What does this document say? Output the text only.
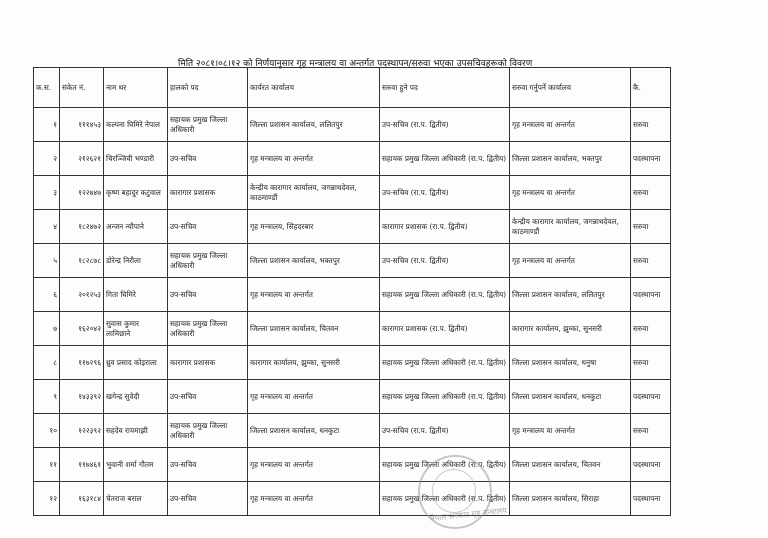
मिति २०८१।०८।१२ को निर्णयानुसार गृह मन्त्रालय वा अन्तर्गत पदस्थापन/सरुवा भएका उपसचिवहरूको विवरण
क.स.	संकेत नं.	नाम थर	हालको पद	कार्यरत कार्यालय	सरुवा हुने पद	सरुवा गर्नुपर्ने कार्यालय	कै.
१	१११४५३	कल्पना घिमिरे नेपाल	सहायक प्रमुख जिल्ला अधिकारी	जिल्ला प्रशासन कार्यालय, ललितपुर	उप-सचिव (रा.प. द्वितीय)	गृह मन्त्रालय वा अन्तर्गत	सरुवा
२	२१२६२१	चिरञ्जिवी भण्डारी	उप-सचिव	गृह मन्त्रालय वा अन्तर्गत	सहायक प्रमुख जिल्ला अधिकारी (रा.प. द्वितीय)	जिल्ला प्रशासन कार्यालय, भक्तपुर	पदस्थापना
३	१२२७४७	कृष्ण बहादुर कटुवाल	कारागार प्रशासक	केन्द्रीय कारागार कार्यालय, जगन्नाथदेवल, काठमाण्डौं	उप-सचिव (रा.प. द्वितीय)	गृह मन्त्रालय वा अन्तर्गत	सरुवा
४	१८२४७२	अन्जन न्यौपाने	उप-सचिव	गृह मन्त्रालय, सिंहदरबार	कारागार प्रशासक (रा.प. द्वितीय)	केन्द्रीय कारागार कार्यालय, जगन्नाथदेवल, काठमाण्डौं	सरुवा
५	१८२८७८	डोरेन्द्र निरौला	सहायक प्रमुख जिल्ला अधिकारी	जिल्ला प्रशासन कार्यालय, भक्तपुर	उप-सचिव (रा.प. द्वितीय)	गृह मन्त्रालय वा अन्तर्गत	सरुवा
६	२०१२५३	गिता घिमिरे	उप-सचिव	गृह मन्त्रालय वा अन्तर्गत	सहायक प्रमुख जिल्ला अधिकारी (रा.प. द्वितीय)	जिल्ला प्रशासन कार्यालय, ललितपुर	पदस्थापना
७	१६२०४२	सुवास कुमार लामिछाने	सहायक प्रमुख जिल्ला अधिकारी	जिल्ला प्रशासन कार्यालय, चितवन	कारागार प्रशासक (रा.प. द्वितीय)	कारागार कार्यालय, झुम्का, सुनसरी	सरुवा
८	११७२९६	ध्रुव प्रसाद कोइराला	कारागार प्रशासक	कारागार कार्यालय, झुम्का, सुनसरी	सहायक प्रमुख जिल्ला अधिकारी (रा.प. द्वितीय)	जिल्ला प्रशासन कार्यालय, धनुषा	सरुवा
९	१४३३९२	खगेन्द्र सुवेदी	उप-सचिव	गृह मन्त्रालय वा अन्तर्गत	सहायक प्रमुख जिल्ला अधिकारी (रा.प. द्वितीय)	जिल्ला प्रशासन कार्यालय, धनकुटा	पदस्थापना
१०	१२२३९२	सहदेव रायमाझी	सहायक प्रमुख जिल्ला अधिकारी	जिल्ला प्रशासन कार्यालय, धनकुटा	उप-सचिव (रा.प. द्वितीय)	गृह मन्त्रालय वा अन्तर्गत	सरुवा
११	११७४६१	भुवानी शर्मा गौतम	उप-सचिव	गृह मन्त्रालय वा अन्तर्गत	सहायक प्रमुख जिल्ला अधिकारी (रा.प. द्वितीय)	जिल्ला प्रशासन कार्यालय, चितवन	पदस्थापना
१२	१६३१८४	चेतराज बराल	उप-सचिव	गृह मन्त्रालय वा अन्तर्गत	सहायक प्रमुख जिल्ला अधिकारी (रा.प. द्वितीय)	जिल्ला प्रशासन कार्यालय, सिराहा	पदस्थापना
नेपाल सरकार गृह मन्त्रालय
